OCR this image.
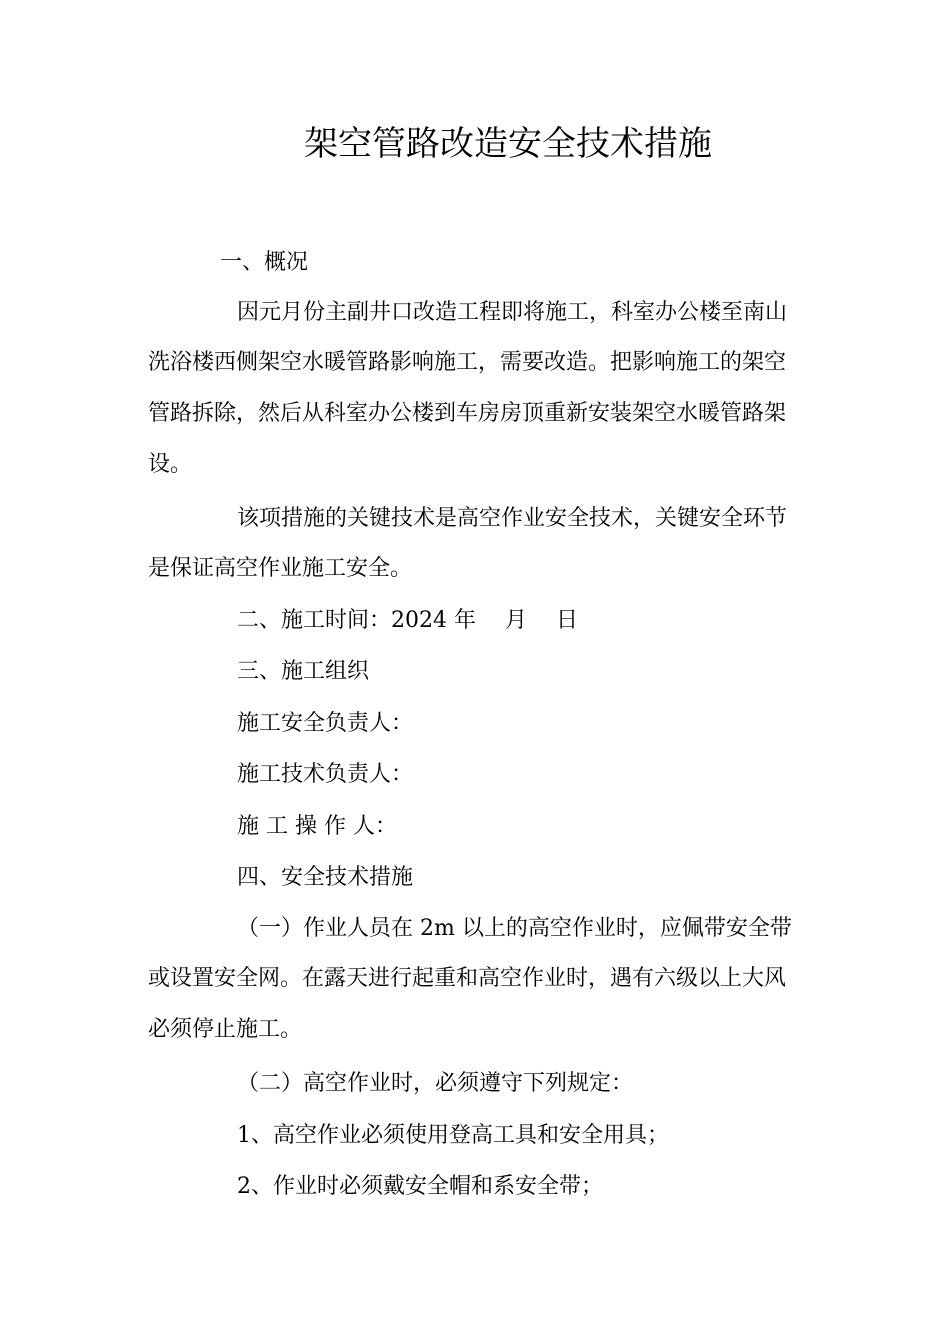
架空管路改造安全技术措施
一、概况
因元月份主副井口改造工程即将施工，科室办公楼至南山
洗浴楼西侧架空水暖管路影响施工，需要改造。把影响施工的架空
管路拆除，然后从科室办公楼到车房房顶重新安装架空水暖管路架
设。
该项措施的关键技术是高空作业安全技术，关键安全环节
是保证高空作业施工安全。
二、施工时间：2024 年　 月　 日
三、施工组织
施工安全负责人：
施工技术负责人：
施 工 操 作 人：
四、安全技术措施
（一）作业人员在 2m 以上的高空作业时，应佩带安全带
或设置安全网。在露天进行起重和高空作业时，遇有六级以上大风
必须停止施工。
（二）高空作业时，必须遵守下列规定：
1、高空作业必须使用登高工具和安全用具；
2、作业时必须戴安全帽和系安全带；
